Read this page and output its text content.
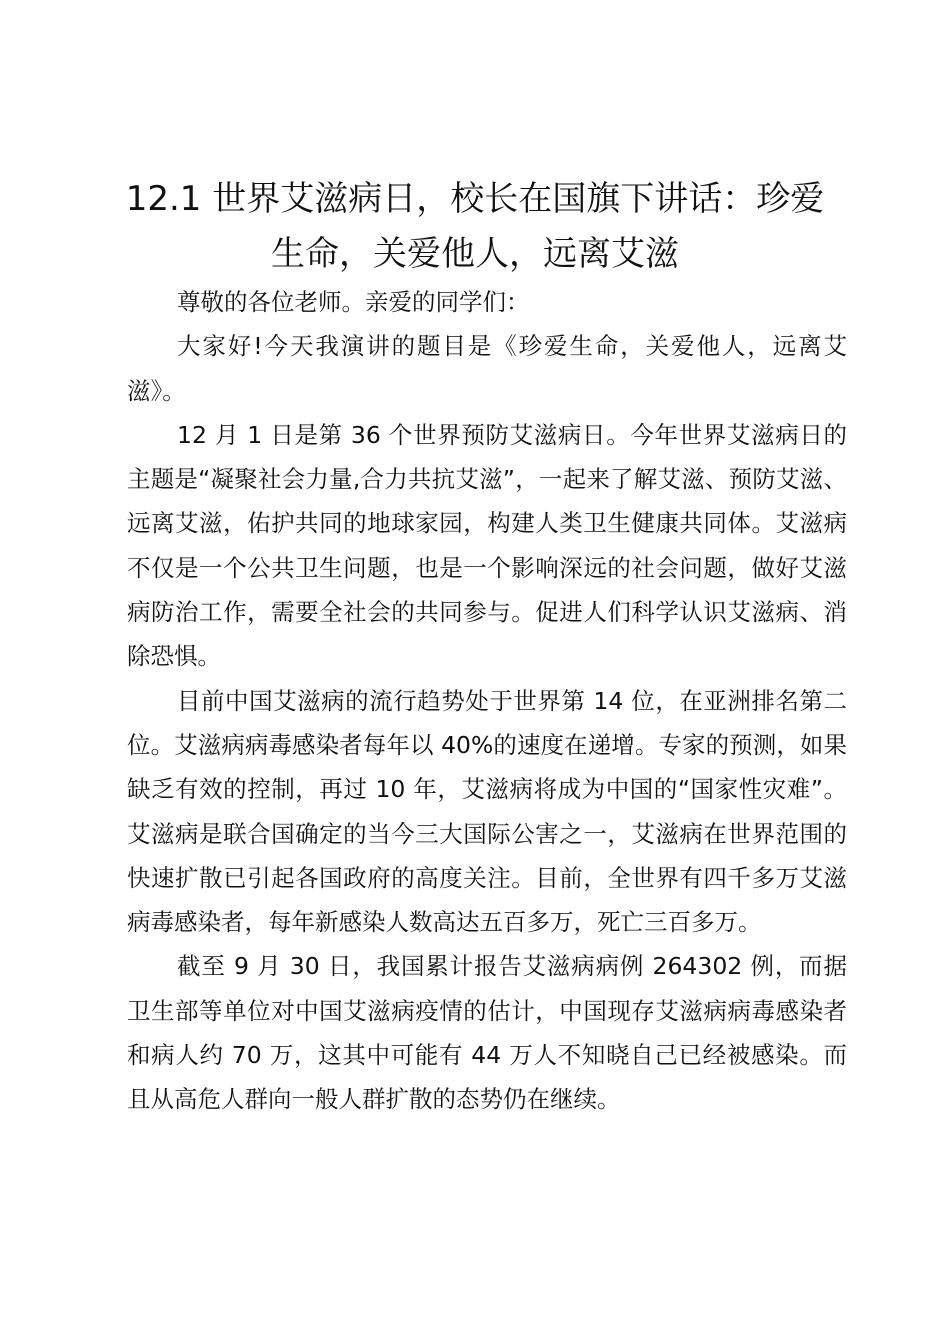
12.1 世界艾滋病日，校长在国旗下讲话：珍爱生命，关爱他人，远离艾滋

尊敬的各位老师。亲爱的同学们：

大家好!今天我演讲的题目是《珍爱生命，关爱他人，远离艾滋》。

12 月 1 日是第 36 个世界预防艾滋病日。今年世界艾滋病日的主题是“凝聚社会力量,合力共抗艾滋”，一起来了解艾滋、预防艾滋、远离艾滋，佑护共同的地球家园，构建人类卫生健康共同体。艾滋病不仅是一个公共卫生问题，也是一个影响深远的社会问题，做好艾滋病防治工作，需要全社会的共同参与。促进人们科学认识艾滋病、消除恐惧。

目前中国艾滋病的流行趋势处于世界第 14 位，在亚洲排名第二位。艾滋病病毒感染者每年以 40%的速度在递增。专家的预测，如果缺乏有效的控制，再过 10 年，艾滋病将成为中国的“国家性灾难”。艾滋病是联合国确定的当今三大国际公害之一，艾滋病在世界范围的快速扩散已引起各国政府的高度关注。目前，全世界有四千多万艾滋病毒感染者，每年新感染人数高达五百多万，死亡三百多万。

截至 9 月 30 日，我国累计报告艾滋病病例 264302 例，而据卫生部等单位对中国艾滋病疫情的估计，中国现存艾滋病病毒感染者和病人约 70 万，这其中可能有 44 万人不知晓自己已经被感染。而且从高危人群向一般人群扩散的态势仍在继续。
